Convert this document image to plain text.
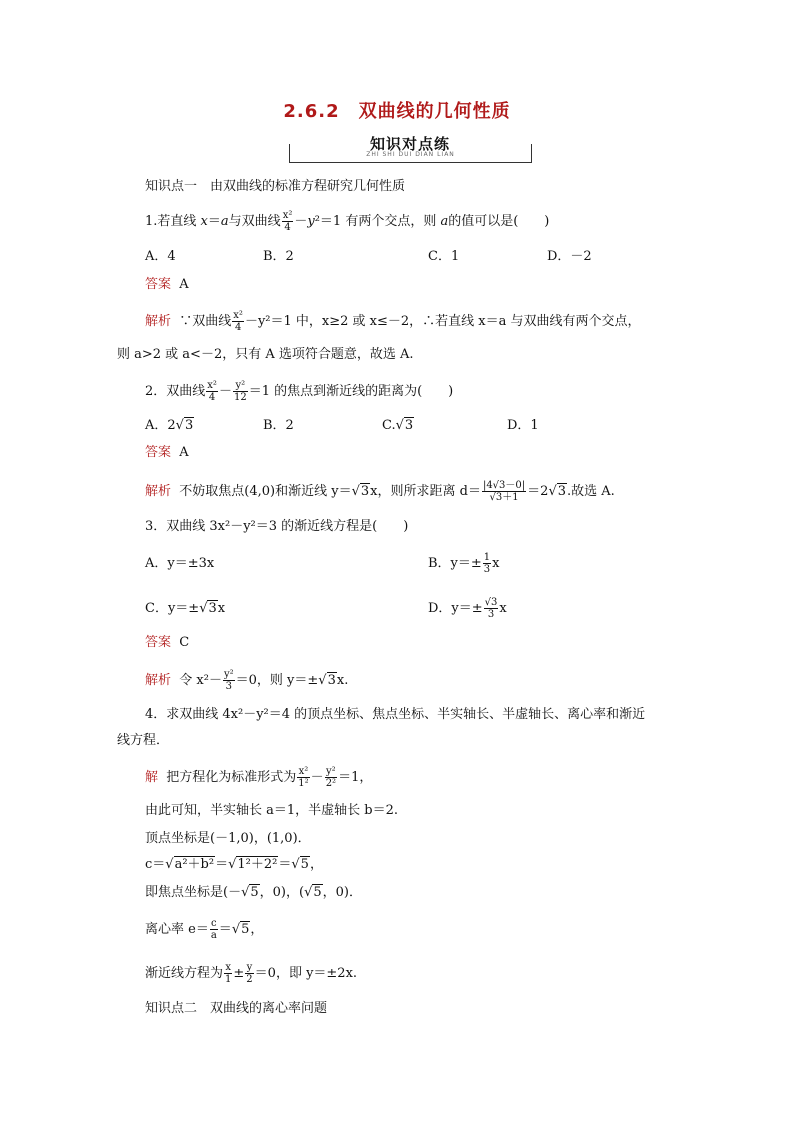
2.6.2　双曲线的几何性质
知识对点练
ZHI SHI DUI DIAN LIAN
知识点一　由双曲线的标准方程研究几何性质
1.若直线 x＝a与双曲线 $\frac{\text{x²}}{4} -y^2=1$ 有两个交点，则 a的值可以是(　　)
A．4	B．2	C．1	D．－2
答案 A
解析 ∵双曲线 $\frac{\text{x²}}{4} -y^2=1$ 中，x≥2 或 x≤－2，∴若直线 x＝a 与双曲线有两个交点，
则 a>2 或 a<－2，只有 A 选项符合题意，故选 A.
2．双曲线 $\frac{\text{x²}}{4} - \frac{\text{y²}}{12} =1$ 的焦点到渐近线的距离为(　　)
A．2√3	B．2	C.√3	D．1
答案 A
解析 不妨取焦点(4,0)和渐近线 y＝√3x，则所求距离 $d= \frac{|4√3-0|}{√3+1} =2√3$.故选 A.
3．双曲线 3x²－y²＝3 的渐近线方程是(　　)
A．y＝±3x	B．$y=\pm \frac{1}{3}$ x
C．y＝±√3x	D．$y=\pm \frac{√3}{3}$ x
答案 C
解析 令 $x^2- \frac{\text{y²}}{3} =0$，则 y＝±√3x.
4．求双曲线 4x²－y²＝4 的顶点坐标、焦点坐标、半实轴长、半虚轴长、离心率和渐近
线方程．
解 把方程化为标准形式为 $\frac{\text{x²}}{\text{1²}} - \frac{\text{y²}}{\text{2²}} =1$，
由此可知，半实轴长 a＝1，半虚轴长 b＝2.
顶点坐标是(－1,0)，(1,0)．
c＝√a²＋b²＝√1²＋2²＝√5，
即焦点坐标是(－√5，0)，(√5，0)．
离心率 $e= \frac{c}{a} =√5$，
渐近线方程为 $\frac{x}{1} \pm \frac{y}{2} =0$，即 y＝±2x.
知识点二　双曲线的离心率问题
